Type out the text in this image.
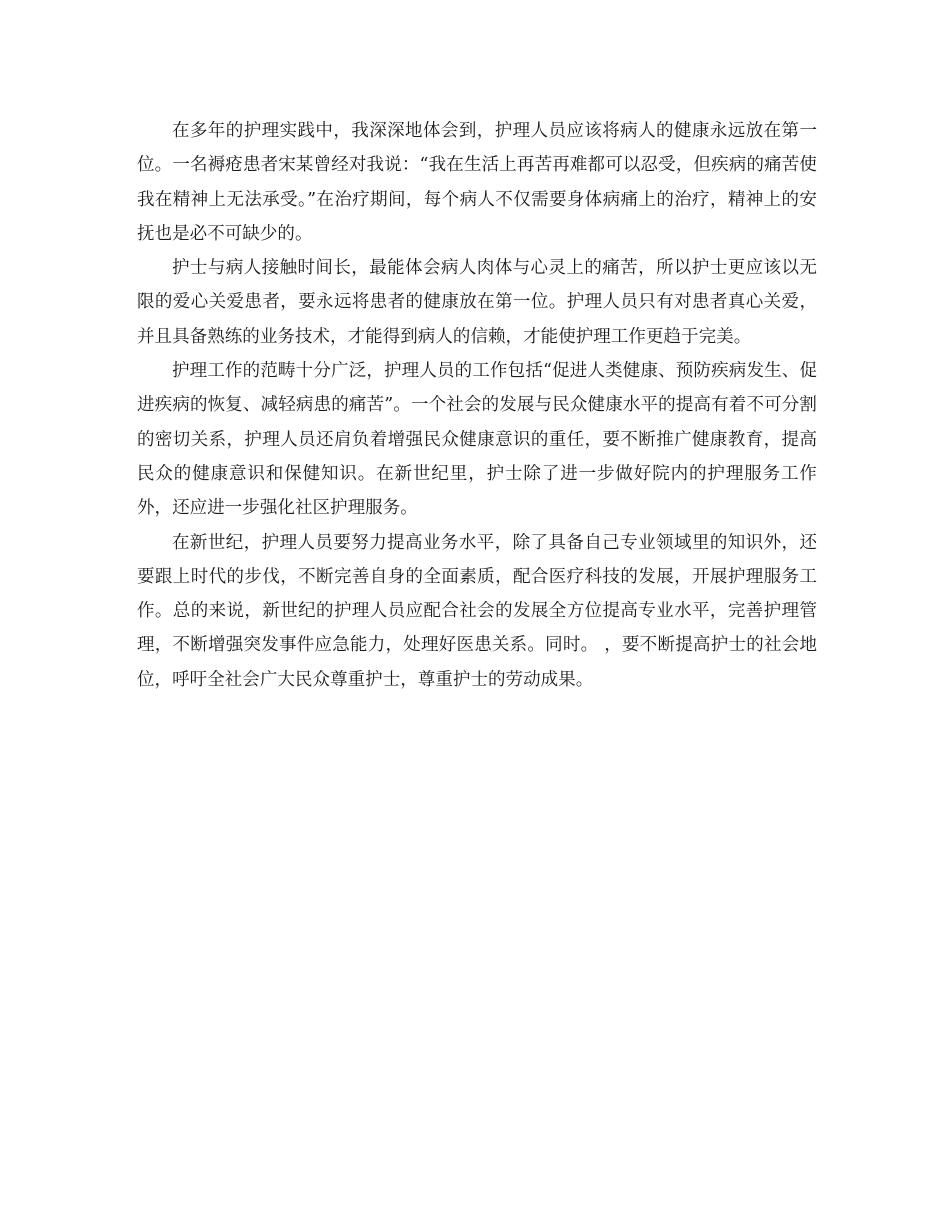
在多年的护理实践中，我深深地体会到，护理人员应该将病人的健康永远放在第一位。一名褥疮患者宋某曾经对我说：“我在生活上再苦再难都可以忍受，但疾病的痛苦使我在精神上无法承受。”在治疗期间，每个病人不仅需要身体病痛上的治疗，精神上的安抚也是必不可缺少的。

护士与病人接触时间长，最能体会病人肉体与心灵上的痛苦，所以护士更应该以无限的爱心关爱患者，要永远将患者的健康放在第一位。护理人员只有对患者真心关爱，并且具备熟练的业务技术，才能得到病人的信赖，才能使护理工作更趋于完美。

护理工作的范畴十分广泛，护理人员的工作包括“促进人类健康、预防疾病发生、促进疾病的恢复、减轻病患的痛苦”。一个社会的发展与民众健康水平的提高有着不可分割的密切关系，护理人员还肩负着增强民众健康意识的重任，要不断推广健康教育，提高民众的健康意识和保健知识。在新世纪里，护士除了进一步做好院内的护理服务工作外，还应进一步强化社区护理服务。

在新世纪，护理人员要努力提高业务水平，除了具备自己专业领域里的知识外，还要跟上时代的步伐，不断完善自身的全面素质，配合医疗科技的发展，开展护理服务工作。总的来说，新世纪的护理人员应配合社会的发展全方位提高专业水平，完善护理管理，不断增强突发事件应急能力，处理好医患关系。同时。 ，要不断提高护士的社会地位，呼吁全社会广大民众尊重护士，尊重护士的劳动成果。
